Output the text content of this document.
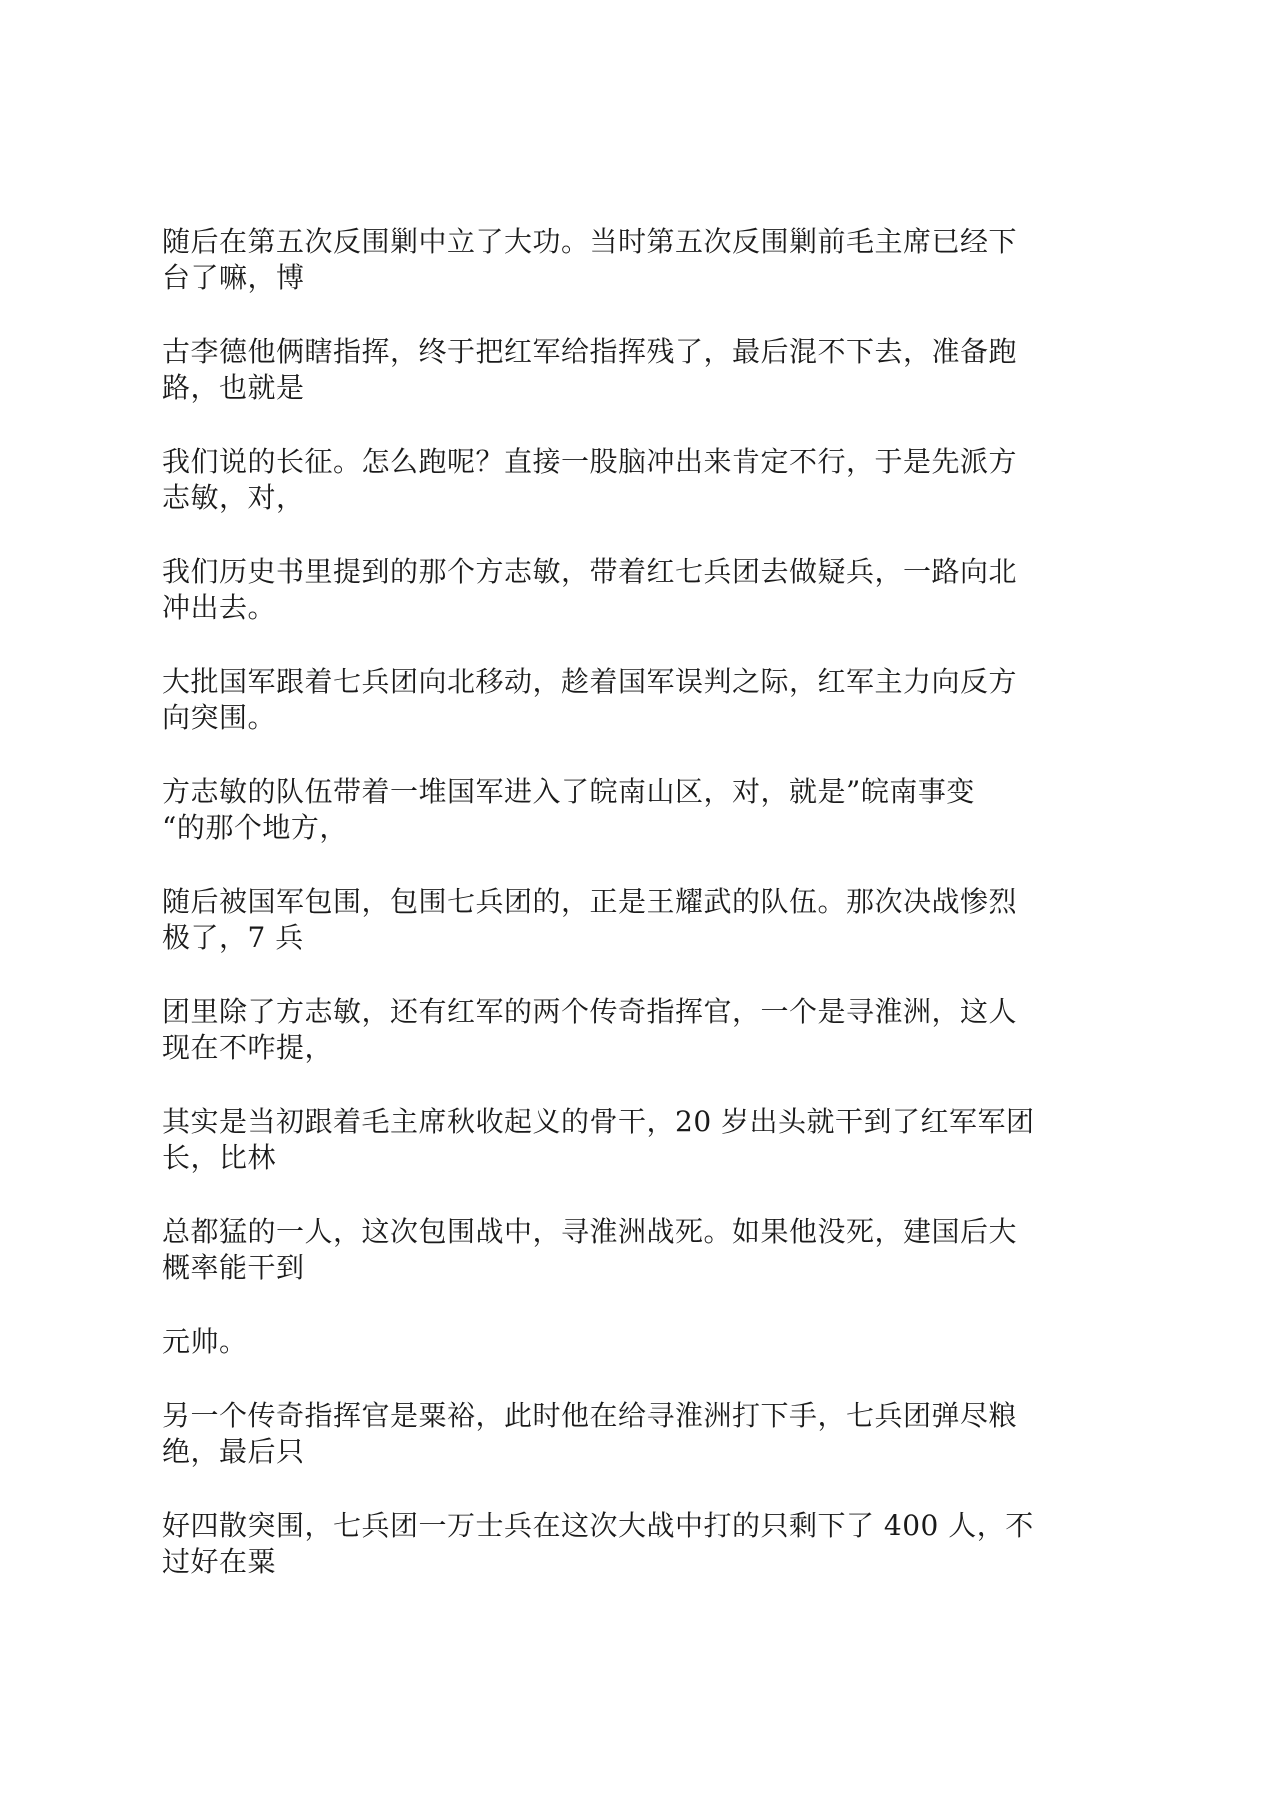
随后在第五次反围剿中立了大功。当时第五次反围剿前毛主席已经下
台了嘛，博

古李德他俩瞎指挥，终于把红军给指挥残了，最后混不下去，准备跑
路，也就是

我们说的长征。怎么跑呢？直接一股脑冲出来肯定不行，于是先派方
志敏，对，

我们历史书里提到的那个方志敏，带着红七兵团去做疑兵，一路向北
冲出去。

大批国军跟着七兵团向北移动，趁着国军误判之际，红军主力向反方
向突围。

方志敏的队伍带着一堆国军进入了皖南山区，对，就是”皖南事变
“的那个地方，

随后被国军包围，包围七兵团的，正是王耀武的队伍。那次决战惨烈
极了，7 兵

团里除了方志敏，还有红军的两个传奇指挥官，一个是寻淮洲，这人
现在不咋提，

其实是当初跟着毛主席秋收起义的骨干，20 岁出头就干到了红军军团
长，比林

总都猛的一人，这次包围战中，寻淮洲战死。如果他没死，建国后大
概率能干到

元帅。

另一个传奇指挥官是粟裕，此时他在给寻淮洲打下手，七兵团弹尽粮
绝，最后只

好四散突围，七兵团一万士兵在这次大战中打的只剩下了 400 人，不
过好在粟
